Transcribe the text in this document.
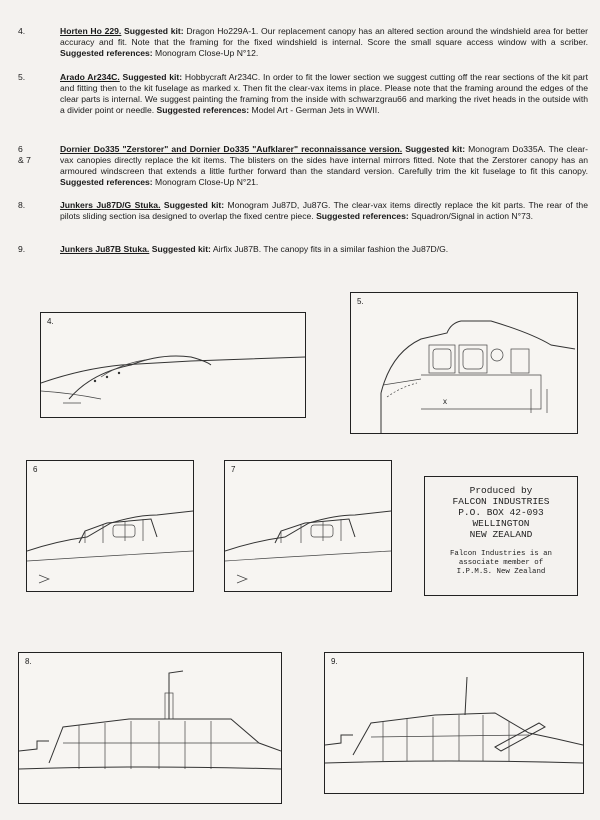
4.	Horten Ho 229. Suggested kit: Dragon Ho229A-1. Our replacement canopy has an altered section around the windshield area for better accuracy and fit. Note that the framing for the fixed windshield is internal. Score the small square access window with a scriber. Suggested references: Monogram Close-Up N°12.
5.	Arado Ar234C. Suggested kit: Hobbycraft Ar234C. In order to fit the lower section we suggest cutting off the rear sections of the kit part and fitting then to the kit fuselage as marked x. Then fit the clear-vax items in place. Please note that the framing around the edges of the clear parts is internal. We suggest painting the framing from the inside with schwarzgrau66 and marking the rivet heads in the outside with a divider point or needle. Suggested references: Model Art - German Jets in WWII.
6
& 7
Dornier Do335 "Zerstorer" and Dornier Do335 "Aufklarer" reconnaissance version. Suggested kit: Monogram Do335A. The clear-vax canopies directly replace the kit items. The blisters on the sides have internal mirrors fitted. Note that the Zerstorer canopy has an armoured windscreen that extends a little further forward than the standard version. Carefully trim the kit fuselage to fit this canopy. Suggested references: Monogram Close-Up N°21.
8.	Junkers Ju87D/G Stuka. Suggested kit: Monogram Ju87D, Ju87G. The clear-vax items directly replace the kit parts. The rear of the pilots sliding section isa designed to overlap the fixed centre piece. Suggested references: Squadron/Signal in action N°73.
9.	Junkers Ju87B Stuka. Suggested kit: Airfix Ju87B. The canopy fits in a similar fashion the Ju87D/G.
4.
5.
x
6	7
Produced by
FALCON INDUSTRIES
P.O. BOX 42-093
WELLINGTON
NEW ZEALAND
Falcon Industries is an
associate member of
I.P.M.S. New Zealand
8.	9.
